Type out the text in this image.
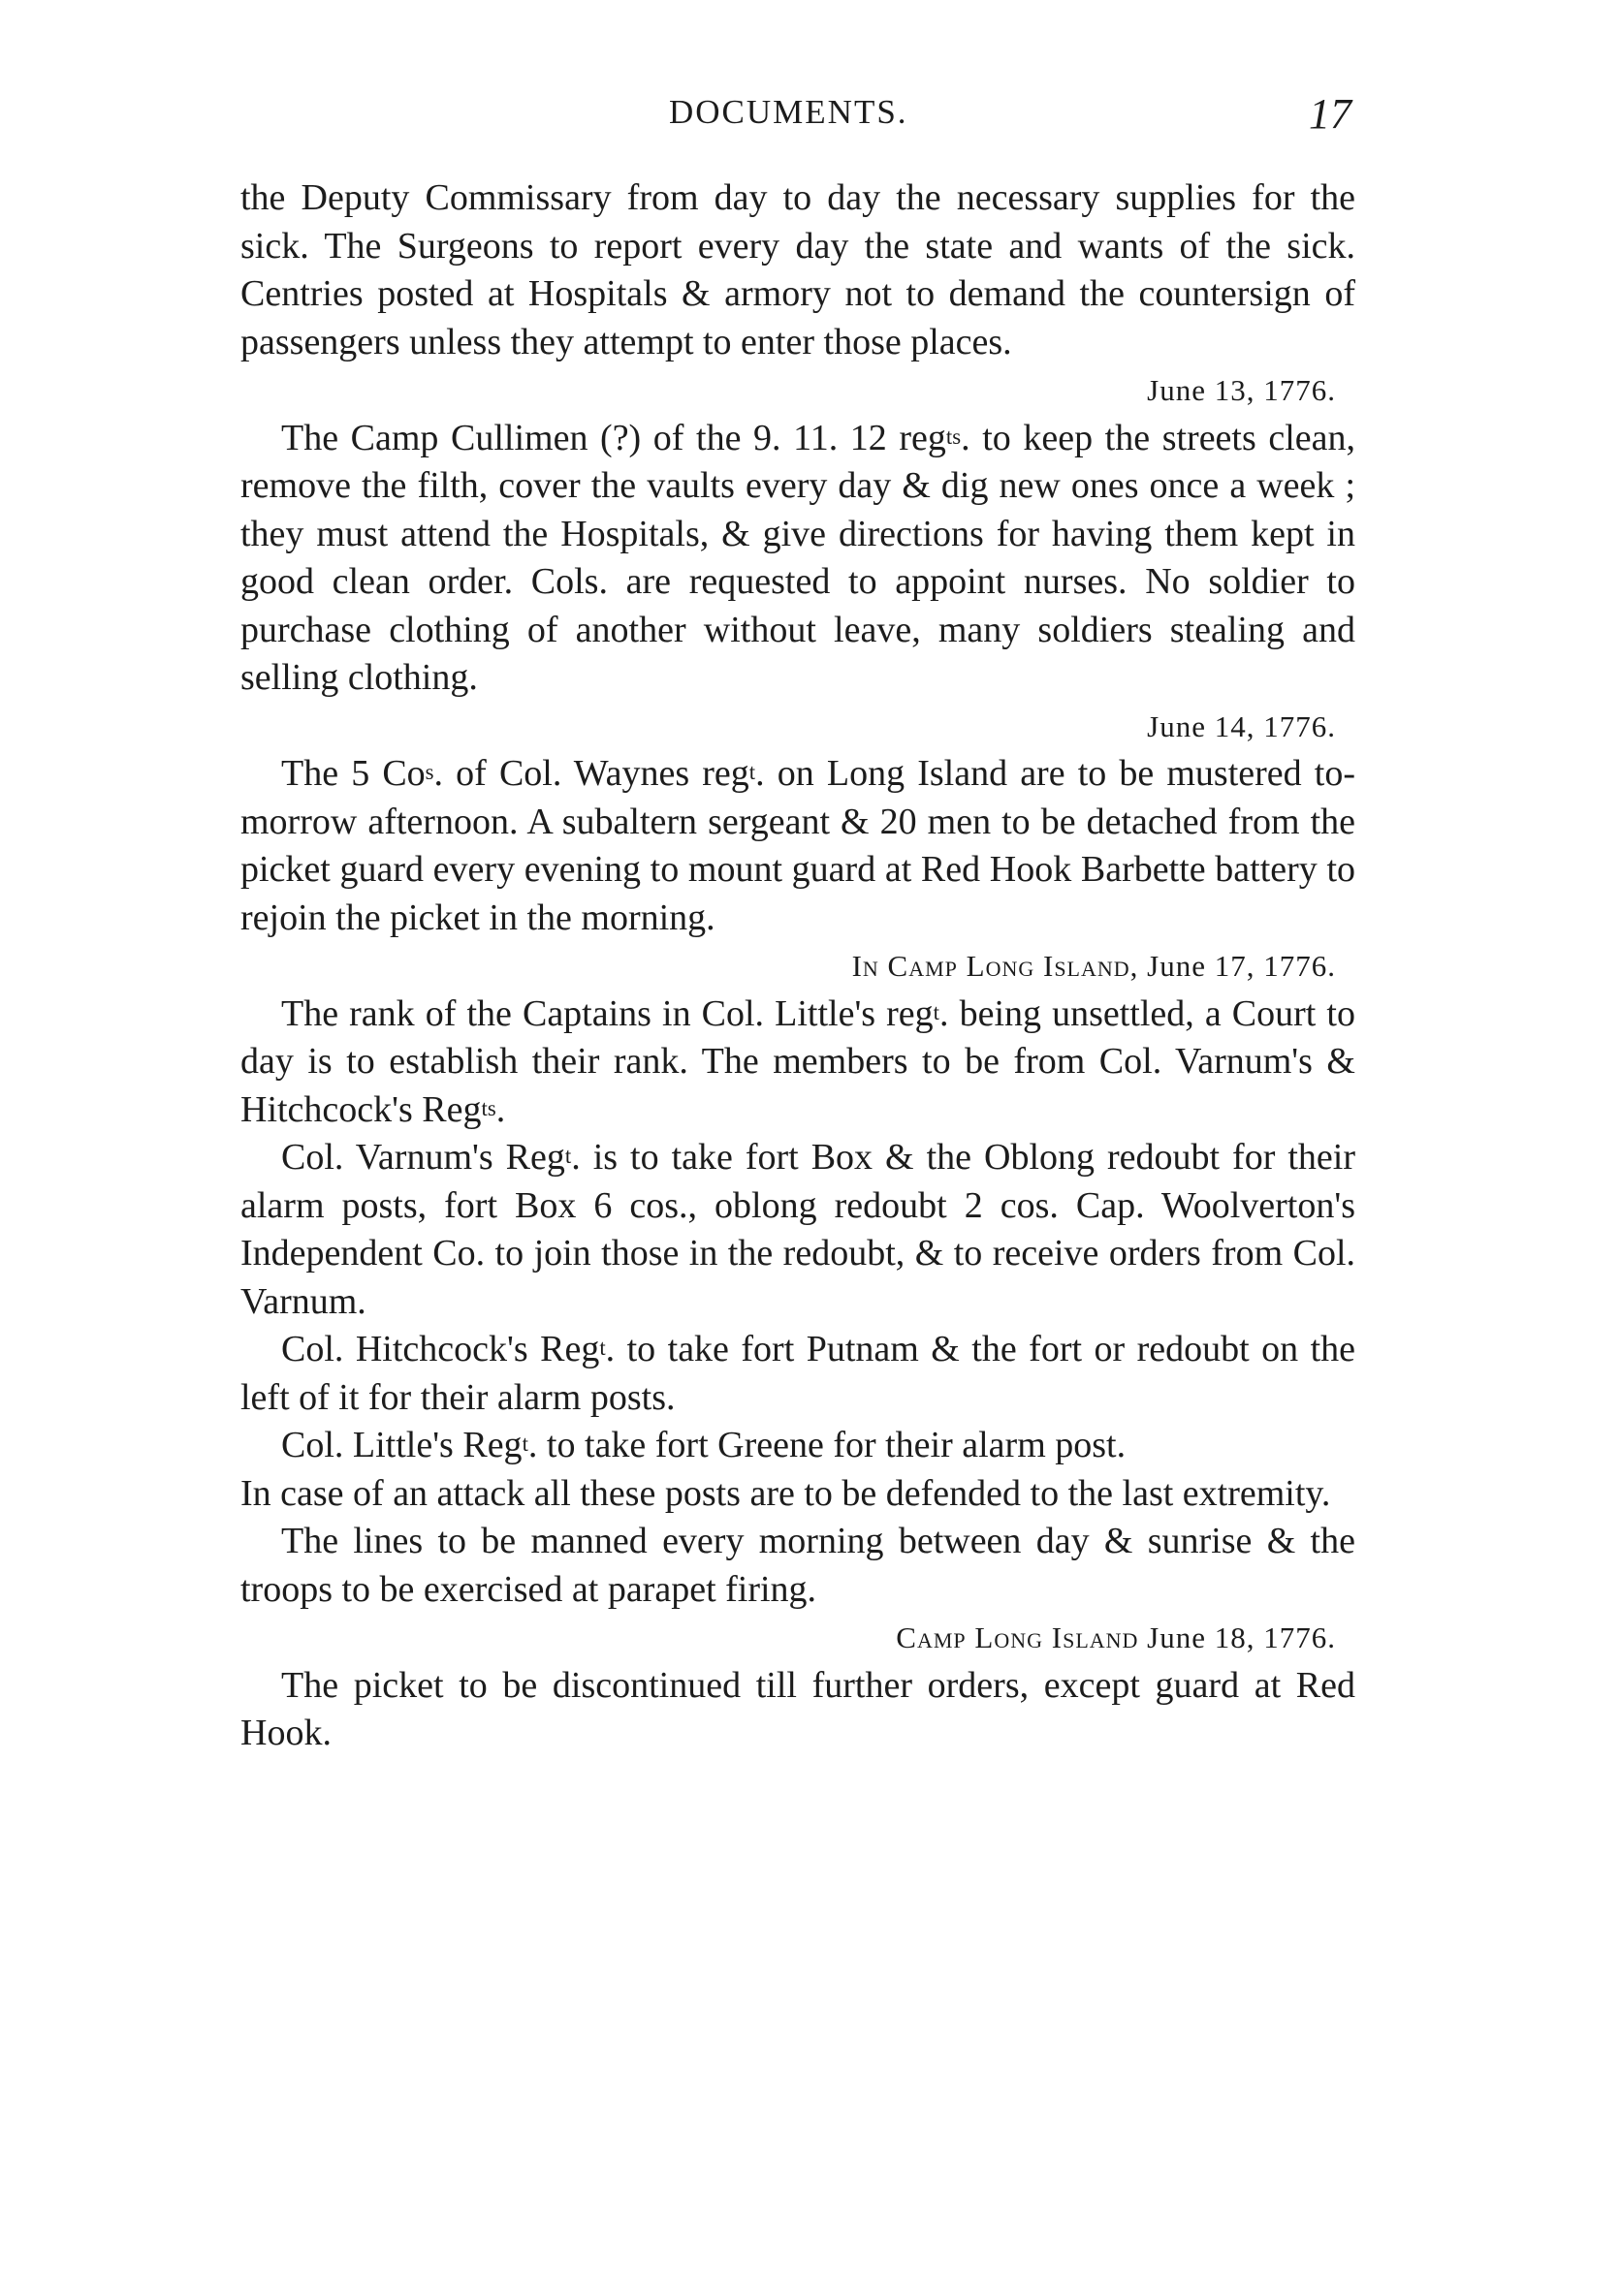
DOCUMENTS.	17

the Deputy Commissary from day to day the necessary supplies for the sick. The Surgeons to report every day the state and wants of the sick. Centries posted at Hospitals & armory not to demand the countersign of passengers unless they attempt to enter those places.

June 13, 1776.

The Camp Cullimen (?) of the 9. 11. 12 reg$^{ts}$. to keep the streets clean, remove the filth, cover the vaults every day & dig new ones once a week ; they must attend the Hospitals, & give directions for having them kept in good clean order. Cols. are requested to appoint nurses. No soldier to purchase clothing of another without leave, many soldiers stealing and selling clothing.

June 14, 1776.

The 5 Co$^s$. of Col. Waynes reg$^t$. on Long Island are to be mustered to-morrow afternoon. A subaltern sergeant & 20 men to be detached from the picket guard every evening to mount guard at Red Hook Barbette battery to rejoin the picket in the morning.

In Camp Long Island, June 17, 1776.

The rank of the Captains in Col. Little's reg$^t$. being unsettled, a Court to day is to establish their rank. The members to be from Col. Varnum's & Hitchcock's Reg$^{ts}$.

Col. Varnum's Reg$^t$. is to take fort Box & the Oblong redoubt for their alarm posts, fort Box 6 cos., oblong redoubt 2 cos. Cap. Woolverton's Independent Co. to join those in the redoubt, & to receive orders from Col. Varnum.

Col. Hitchcock's Reg$^t$. to take fort Putnam & the fort or redoubt on the left of it for their alarm posts.

Col. Little's Reg$^t$. to take fort Greene for their alarm post.

In case of an attack all these posts are to be defended to the last extremity.

The lines to be manned every morning between day & sunrise & the troops to be exercised at parapet firing.

Camp Long Island June 18, 1776.

The picket to be discontinued till further orders, except guard at Red Hook.
